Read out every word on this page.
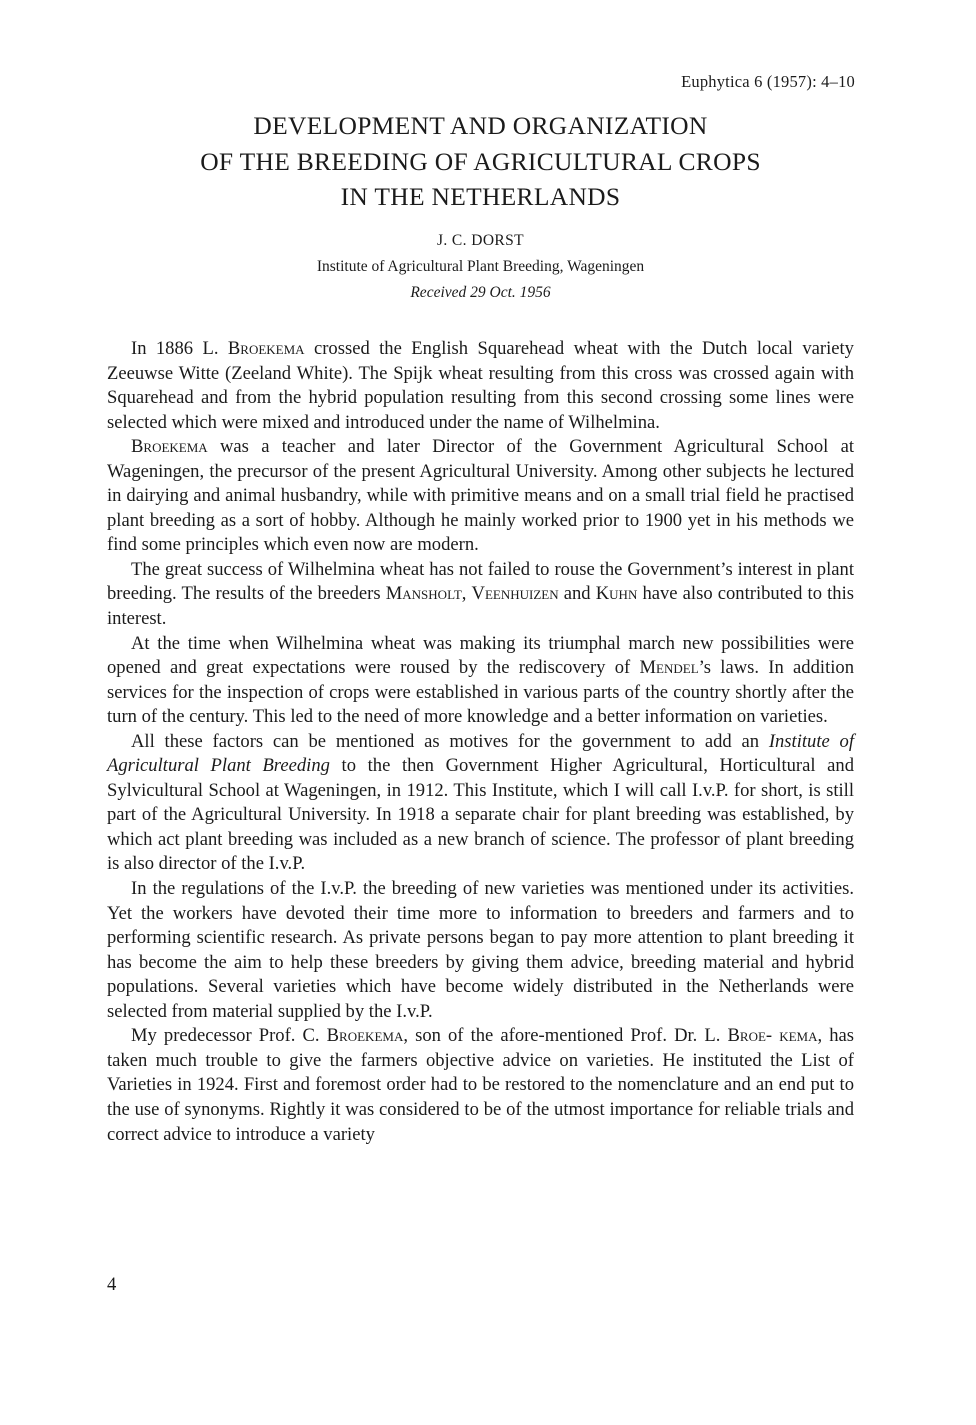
Euphytica 6 (1957): 4–10
DEVELOPMENT AND ORGANIZATION
OF THE BREEDING OF AGRICULTURAL CROPS
IN THE NETHERLANDS
J. C. DORST
Institute of Agricultural Plant Breeding, Wageningen
Received 29 Oct. 1956

In 1886 L. Broekema crossed the English Squarehead wheat with the Dutch local variety Zeeuwse Witte (Zeeland White). The Spijk wheat resulting from this cross was crossed again with Squarehead and from the hybrid population resulting from this second crossing some lines were selected which were mixed and introduced under the name of Wilhelmina.

Broekema was a teacher and later Director of the Government Agricultural School at Wageningen, the precursor of the present Agricultural University. Among other subjects he lectured in dairying and animal husbandry, while with primitive means and on a small trial field he practised plant breeding as a sort of hobby. Although he mainly worked prior to 1900 yet in his methods we find some principles which even now are modern.

The great success of Wilhelmina wheat has not failed to rouse the Government’s interest in plant breeding. The results of the breeders Mansholt, Veenhuizen and Kuhn have also contributed to this interest.

At the time when Wilhelmina wheat was making its triumphal march new possibilities were opened and great expectations were roused by the rediscovery of Mendel’s laws. In addition services for the inspection of crops were established in various parts of the country shortly after the turn of the century. This led to the need of more knowledge and a better information on varieties.

All these factors can be mentioned as motives for the government to add an Institute of Agricultural Plant Breeding to the then Government Higher Agricultural, Horticultural and Sylvicultural School at Wageningen, in 1912. This Institute, which I will call I.v.P. for short, is still part of the Agricultural University. In 1918 a separate chair for plant breeding was established, by which act plant breeding was included as a new branch of science. The professor of plant breeding is also director of the I.v.P.

In the regulations of the I.v.P. the breeding of new varieties was mentioned under its activities. Yet the workers have devoted their time more to information to breeders and farmers and to performing scientific research. As private persons began to pay more attention to plant breeding it has become the aim to help these breeders by giving them advice, breeding material and hybrid populations. Several varieties which have become widely distributed in the Netherlands were selected from material supplied by the I.v.P.

My predecessor Prof. C. Broekema, son of the afore-mentioned Prof. Dr. L. Broe- kema, has taken much trouble to give the farmers objective advice on varieties. He instituted the List of Varieties in 1924. First and foremost order had to be restored to the nomenclature and an end put to the use of synonyms. Rightly it was considered to be of the utmost importance for reliable trials and correct advice to introduce a variety

4
